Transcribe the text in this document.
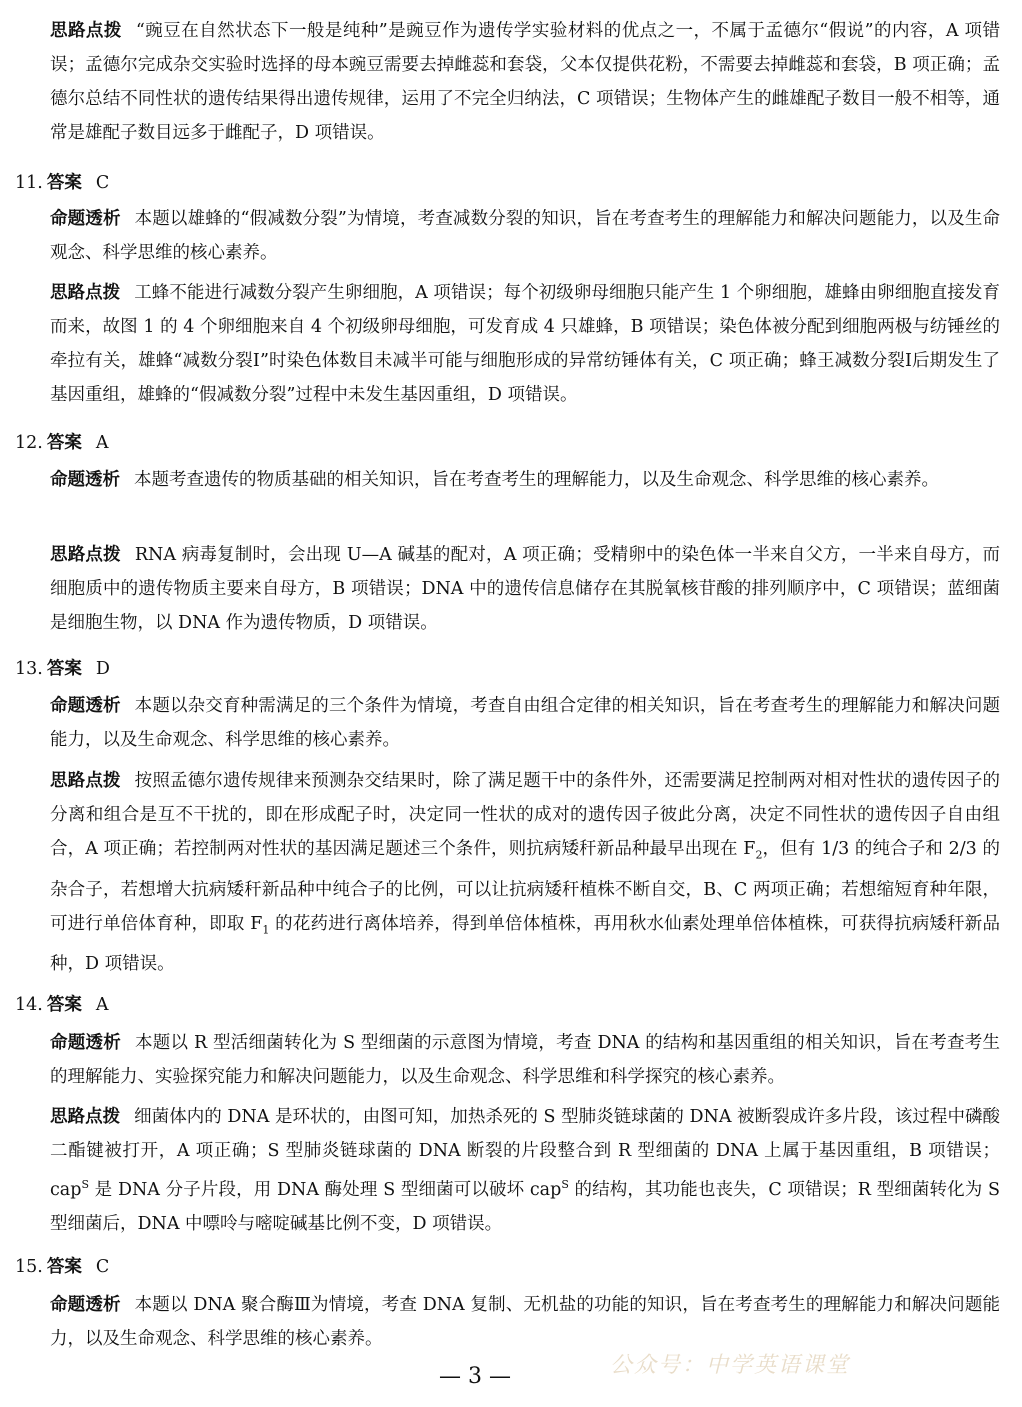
思路点拨 “豌豆在自然状态下一般是纯种”是豌豆作为遗传学实验材料的优点之一，不属于孟德尔“假说”的内容，A 项错误；孟德尔完成杂交实验时选择的母本豌豆需要去掉雌蕊和套袋，父本仅提供花粉，不需要去掉雌蕊和套袋，B 项正确；孟德尔总结不同性状的遗传结果得出遗传规律，运用了不完全归纳法，C 项错误；生物体产生的雌雄配子数目一般不相等，通常是雄配子数目远多于雌配子，D 项错误。

11. 答案 C

命题透析 本题以雄蜂的“假减数分裂”为情境，考查减数分裂的知识，旨在考查考生的理解能力和解决问题能力，以及生命观念、科学思维的核心素养。

思路点拨 工蜂不能进行减数分裂产生卵细胞，A 项错误；每个初级卵母细胞只能产生 1 个卵细胞，雄蜂由卵细胞直接发育而来，故图 1 的 4 个卵细胞来自 4 个初级卵母细胞，可发育成 4 只雄蜂，B 项错误；染色体被分配到细胞两极与纺锤丝的牵拉有关，雄蜂“减数分裂Ⅰ”时染色体数目未减半可能与细胞形成的异常纺锤体有关，C 项正确；蜂王减数分裂Ⅰ后期发生了基因重组，雄蜂的“假减数分裂”过程中未发生基因重组，D 项错误。

12. 答案 A

命题透析 本题考查遗传的物质基础的相关知识，旨在考查考生的理解能力，以及生命观念、科学思维的核心素养。

思路点拨 RNA 病毒复制时，会出现 U—A 碱基的配对，A 项正确；受精卵中的染色体一半来自父方，一半来自母方，而细胞质中的遗传物质主要来自母方，B 项错误；DNA 中的遗传信息储存在其脱氧核苷酸的排列顺序中，C 项错误；蓝细菌是细胞生物，以 DNA 作为遗传物质，D 项错误。

13. 答案 D

命题透析 本题以杂交育种需满足的三个条件为情境，考查自由组合定律的相关知识，旨在考查考生的理解能力和解决问题能力，以及生命观念、科学思维的核心素养。

思路点拨 按照孟德尔遗传规律来预测杂交结果时，除了满足题干中的条件外，还需要满足控制两对相对性状的遗传因子的分离和组合是互不干扰的，即在形成配子时，决定同一性状的成对的遗传因子彼此分离，决定不同性状的遗传因子自由组合，A 项正确；若控制两对性状的基因满足题述三个条件，则抗病矮秆新品种最早出现在 $F_2$，但有 1/3 的纯合子和 2/3 的杂合子，若想增大抗病矮秆新品种中纯合子的比例，可以让抗病矮秆植株不断自交，B、C 两项正确；若想缩短育种年限，可进行单倍体育种，即取 $F_1$ 的花药进行离体培养，得到单倍体植株，再用秋水仙素处理单倍体植株，可获得抗病矮秆新品种，D 项错误。

14. 答案 A

命题透析 本题以 R 型活细菌转化为 S 型细菌的示意图为情境，考查 DNA 的结构和基因重组的相关知识，旨在考查考生的理解能力、实验探究能力和解决问题能力，以及生命观念、科学思维和科学探究的核心素养。

思路点拨 细菌体内的 DNA 是环状的，由图可知，加热杀死的 S 型肺炎链球菌的 DNA 被断裂成许多片段，该过程中磷酸二酯键被打开，A 项正确；S 型肺炎链球菌的 DNA 断裂的片段整合到 R 型细菌的 DNA 上属于基因重组，B 项错误；cap$^S$ 是 DNA 分子片段，用 DNA 酶处理 S 型细菌可以破坏 cap$^S$ 的结构，其功能也丧失，C 项错误；R 型细菌转化为 S 型细菌后，DNA 中嘌呤与嘧啶碱基比例不变，D 项错误。

15. 答案 C

命题透析 本题以 DNA 聚合酶Ⅲ为情境，考查 DNA 复制、无机盐的功能的知识，旨在考查考生的理解能力和解决问题能力，以及生命观念、科学思维的核心素养。

公众号：中学英语课堂
— 3 —
